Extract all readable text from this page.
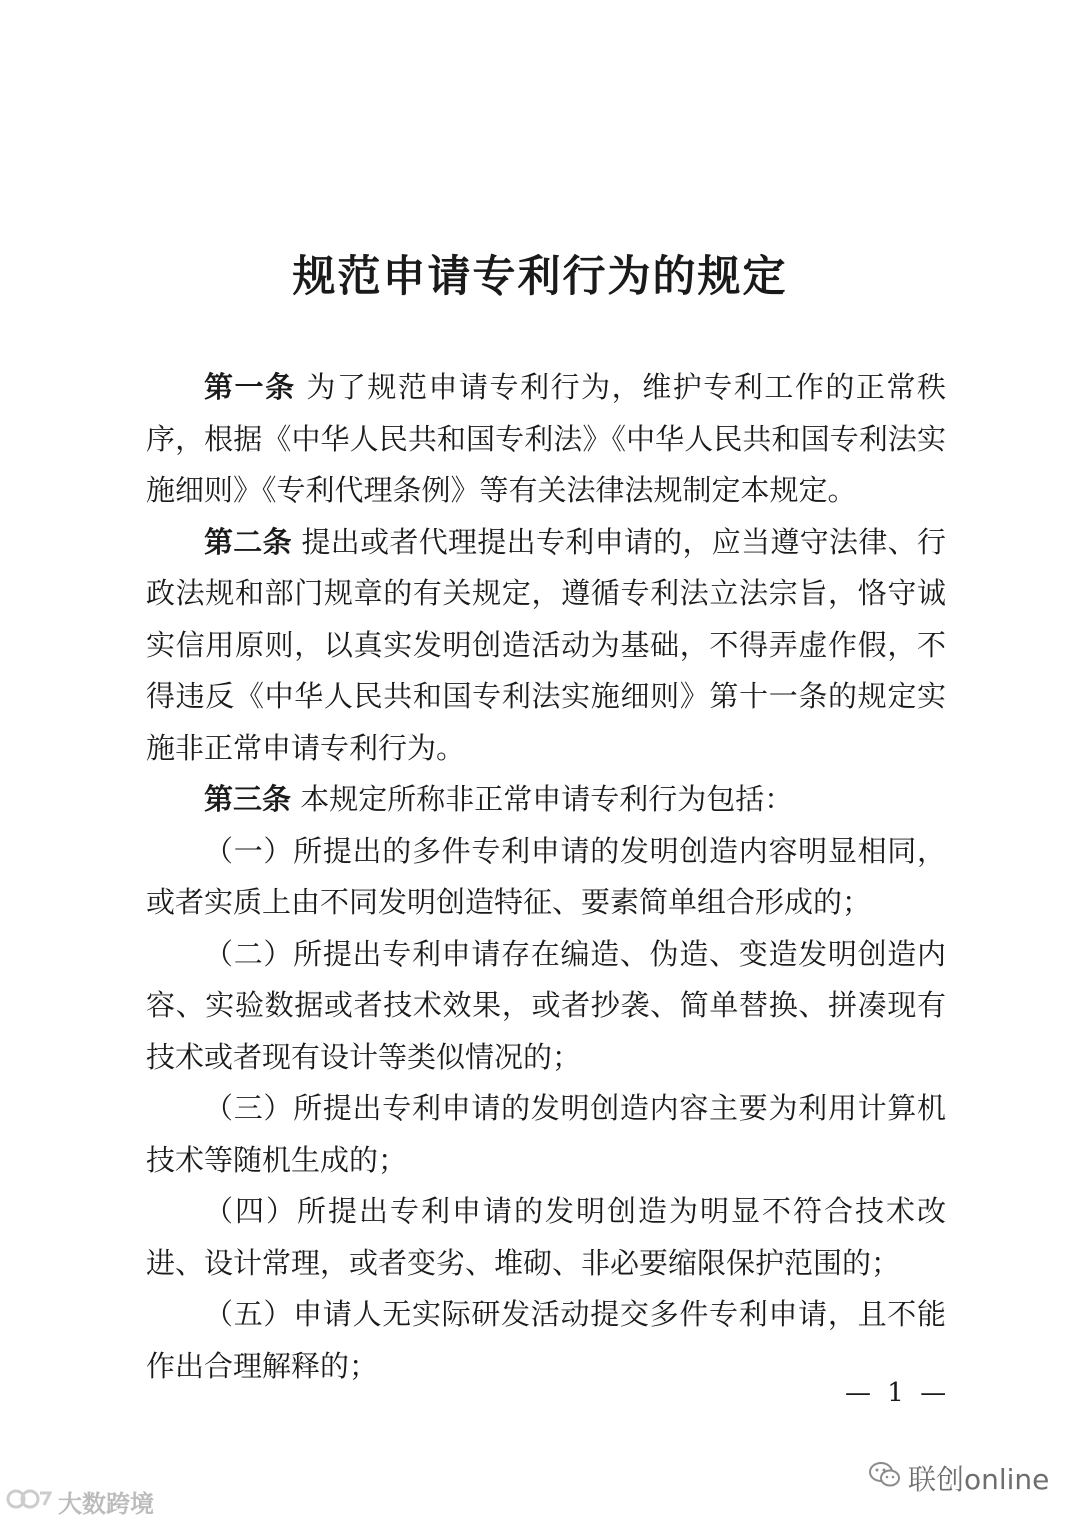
规范申请专利行为的规定

第一条 为了规范申请专利行为，维护专利工作的正常秩序，根据《中华人民共和国专利法》《中华人民共和国专利法实施细则》《专利代理条例》等有关法律法规制定本规定。

第二条 提出或者代理提出专利申请的，应当遵守法律、行政法规和部门规章的有关规定，遵循专利法立法宗旨，恪守诚实信用原则，以真实发明创造活动为基础，不得弄虚作假，不得违反《中华人民共和国专利法实施细则》第十一条的规定实施非正常申请专利行为。

第三条 本规定所称非正常申请专利行为包括：

（一）所提出的多件专利申请的发明创造内容明显相同，或者实质上由不同发明创造特征、要素简单组合形成的；

（二）所提出专利申请存在编造、伪造、变造发明创造内容、实验数据或者技术效果，或者抄袭、简单替换、拼凑现有技术或者现有设计等类似情况的；

（三）所提出专利申请的发明创造内容主要为利用计算机技术等随机生成的；

（四）所提出专利申请的发明创造为明显不符合技术改进、设计常理，或者变劣、堆砌、非必要缩限保护范围的；

（五）申请人无实际研发活动提交多件专利申请，且不能作出合理解释的；

— 1 —
联创online
大数跨境
